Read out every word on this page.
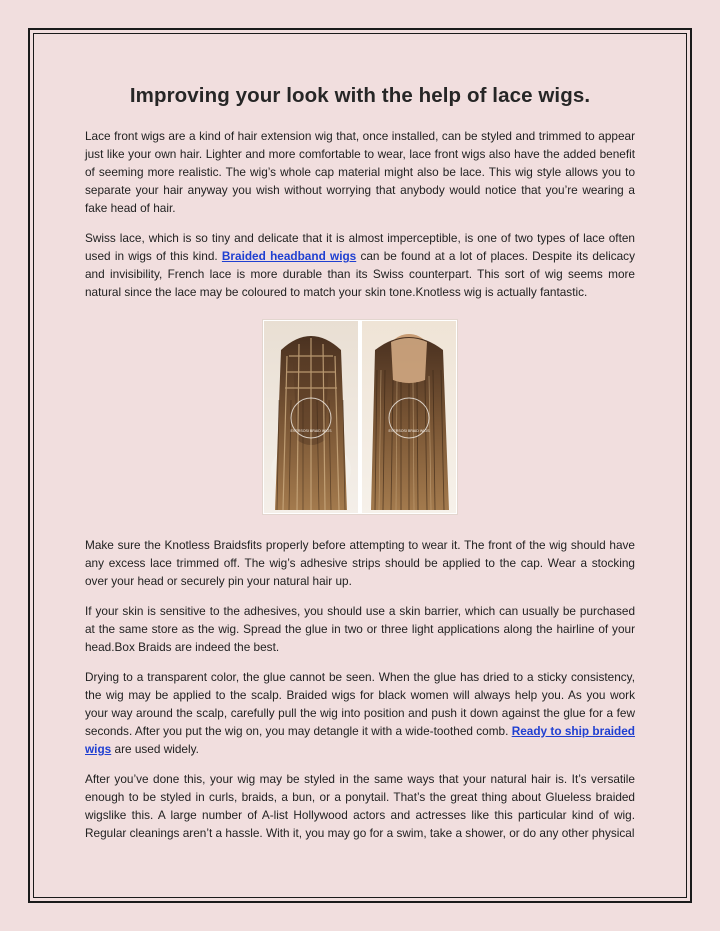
Improving your look with the help of lace wigs.

Lace front wigs are a kind of hair extension wig that, once installed, can be styled and trimmed to appear just like your own hair. Lighter and more comfortable to wear, lace front wigs also have the added benefit of seeming more realistic. The wig’s whole cap material might also be lace. This wig style allows you to separate your hair anyway you wish without worrying that anybody would notice that you’re wearing a fake head of hair.

Swiss lace, which is so tiny and delicate that it is almost imperceptible, is one of two types of lace often used in wigs of this kind. Braided headband wigs can be found at a lot of places. Despite its delicacy and invisibility, French lace is more durable than its Swiss counterpart. This sort of wig seems more natural since the lace may be coloured to match your skin tone.Knotless wig is actually fantastic.

EVERSOSI BRAID WIGS	EVERSOSI BRAID WIGS

Make sure the Knotless Braidsfits properly before attempting to wear it. The front of the wig should have any excess lace trimmed off. The wig’s adhesive strips should be applied to the cap. Wear a stocking over your head or securely pin your natural hair up.

If your skin is sensitive to the adhesives, you should use a skin barrier, which can usually be purchased at the same store as the wig. Spread the glue in two or three light applications along the hairline of your head.Box Braids are indeed the best.

Drying to a transparent color, the glue cannot be seen. When the glue has dried to a sticky consistency, the wig may be applied to the scalp. Braided wigs for black women will always help you. As you work your way around the scalp, carefully pull the wig into position and push it down against the glue for a few seconds. After you put the wig on, you may detangle it with a wide-toothed comb. Ready to ship braided wigs are used widely.

After you’ve done this, your wig may be styled in the same ways that your natural hair is. It’s versatile enough to be styled in curls, braids, a bun, or a ponytail. That’s the great thing about Glueless braided wigslike this. A large number of A-list Hollywood actors and actresses like this particular kind of wig. Regular cleanings aren’t a hassle. With it, you may go for a swim, take a shower, or do any other physical
